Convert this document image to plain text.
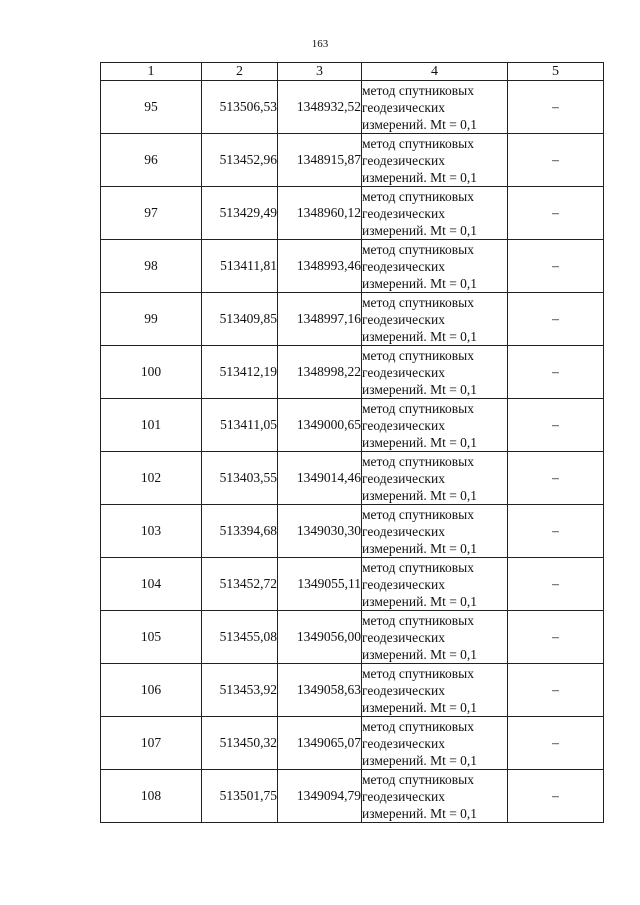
163
1	2	3	4	5
95	513506,53	1348932,52	метод спутниковых
геодезических
измерений. Mt = 0,1	–
96	513452,96	1348915,87	метод спутниковых
геодезических
измерений. Mt = 0,1	–
97	513429,49	1348960,12	метод спутниковых
геодезических
измерений. Mt = 0,1	–
98	513411,81	1348993,46	метод спутниковых
геодезических
измерений. Mt = 0,1	–
99	513409,85	1348997,16	метод спутниковых
геодезических
измерений. Mt = 0,1	–
100	513412,19	1348998,22	метод спутниковых
геодезических
измерений. Mt = 0,1	–
101	513411,05	1349000,65	метод спутниковых
геодезических
измерений. Mt = 0,1	–
102	513403,55	1349014,46	метод спутниковых
геодезических
измерений. Mt = 0,1	–
103	513394,68	1349030,30	метод спутниковых
геодезических
измерений. Mt = 0,1	–
104	513452,72	1349055,11	метод спутниковых
геодезических
измерений. Mt = 0,1	–
105	513455,08	1349056,00	метод спутниковых
геодезических
измерений. Mt = 0,1	–
106	513453,92	1349058,63	метод спутниковых
геодезических
измерений. Mt = 0,1	–
107	513450,32	1349065,07	метод спутниковых
геодезических
измерений. Mt = 0,1	–
108	513501,75	1349094,79	метод спутниковых
геодезических
измерений. Mt = 0,1	–
